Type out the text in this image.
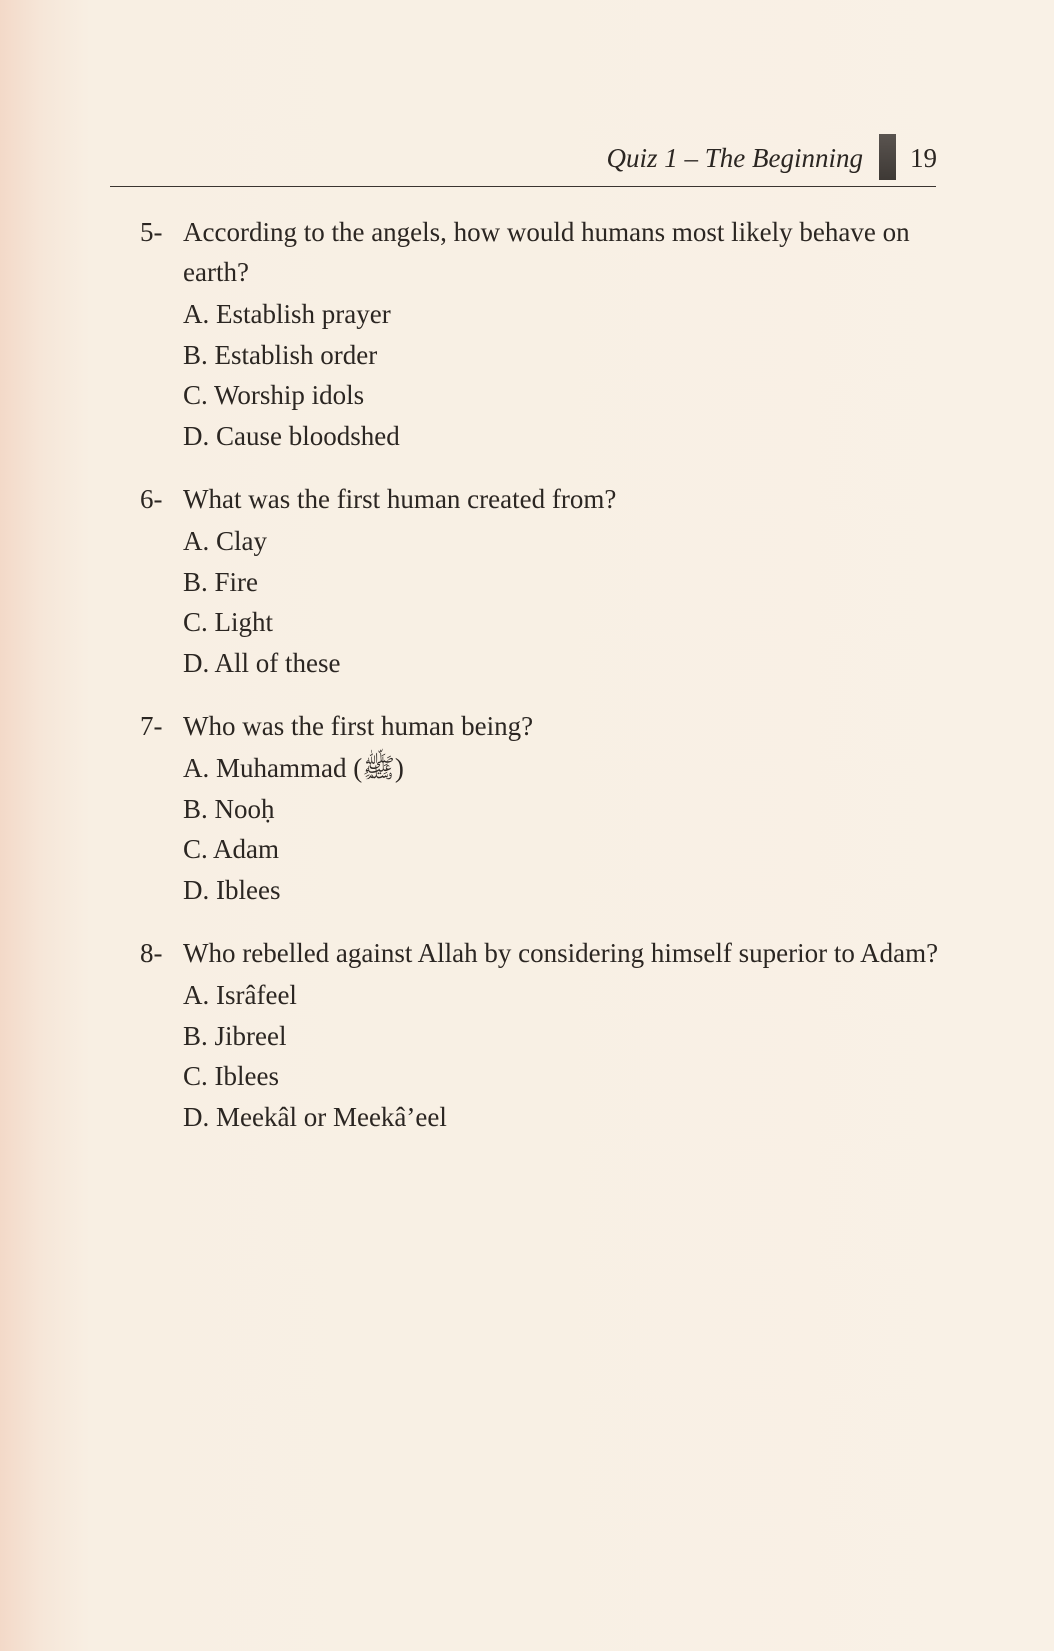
Quiz 1 – The Beginning 19
5- According to the angels, how would humans most likely behave on earth?
A. Establish prayer
B. Establish order
C. Worship idols
D. Cause bloodshed
6- What was the first human created from?
A. Clay
B. Fire
C. Light
D. All of these
7- Who was the first human being?
A. Muhammad (ﷺ)
B. Nooḥ
C. Adam
D. Iblees
8- Who rebelled against Allah by considering himself superior to Adam?
A. Isrâfeel
B. Jibreel
C. Iblees
D. Meekâl or Meekâ’eel
